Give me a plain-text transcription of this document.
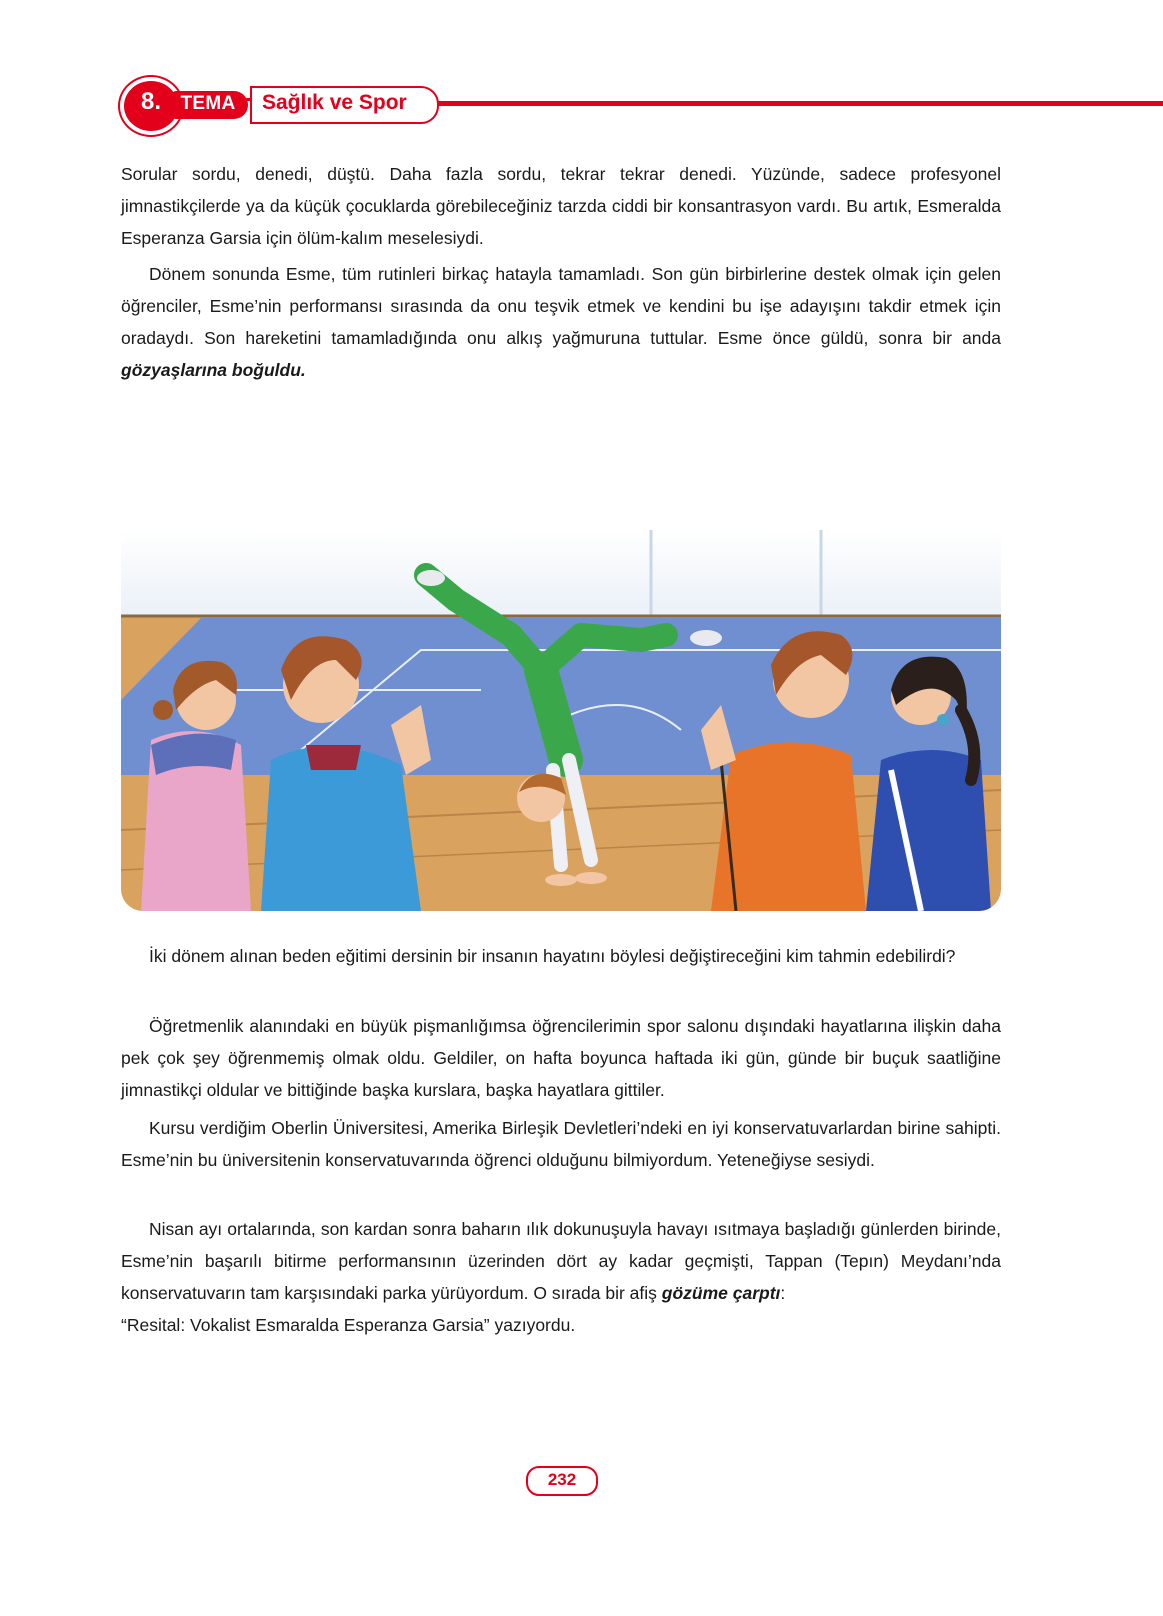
8.	TEMA	Sağlık ve Spor

Sorular sordu, denedi, düştü. Daha fazla sordu, tekrar tekrar denedi. Yüzünde, sadece profesyonel jimnastikçilerde ya da küçük çocuklarda görebileceğiniz tarzda ciddi bir konsantrasyon vardı. Bu artık, Esmeralda Esperanza Garsia için ölüm-kalım meselesiydi.

Dönem sonunda Esme, tüm rutinleri birkaç hatayla tamamladı. Son gün birbirlerine destek olmak için gelen öğrenciler, Esme’nin performansı sırasında da onu teşvik etmek ve kendini bu işe adayışını takdir etmek için oradaydı. Son hareketini tamamladığında onu alkış yağmuruna tuttular. Esme önce güldü, sonra bir anda gözyaşlarına boğuldu.

İki dönem alınan beden eğitimi dersinin bir insanın hayatını böylesi değiştireceğini kim tahmin edebilirdi?

Öğretmenlik alanındaki en büyük pişmanlığımsa öğrencilerimin spor salonu dışındaki hayatlarına ilişkin daha pek çok şey öğrenmemiş olmak oldu. Geldiler, on hafta boyunca haftada iki gün, günde bir buçuk saatliğine jimnastikçi oldular ve bittiğinde başka kurslara, başka hayatlara gittiler.

Kursu verdiğim Oberlin Üniversitesi, Amerika Birleşik Devletleri’ndeki en iyi konservatuvarlardan birine sahipti. Esme’nin bu üniversitenin konservatuvarında öğrenci olduğunu bilmiyordum. Yeteneğiyse sesiydi.

Nisan ayı ortalarında, son kardan sonra baharın ılık dokunuşuyla havayı ısıtmaya başladığı günlerden birinde, Esme’nin başarılı bitirme performansının üzerinden dört ay kadar geçmişti, Tappan (Tepın) Meydanı’nda konservatuvarın tam karşısındaki parka yürüyordum. O sırada bir afiş gözüme çarptı:

“Resital: Vokalist Esmaralda Esperanza Garsia” yazıyordu.

232
